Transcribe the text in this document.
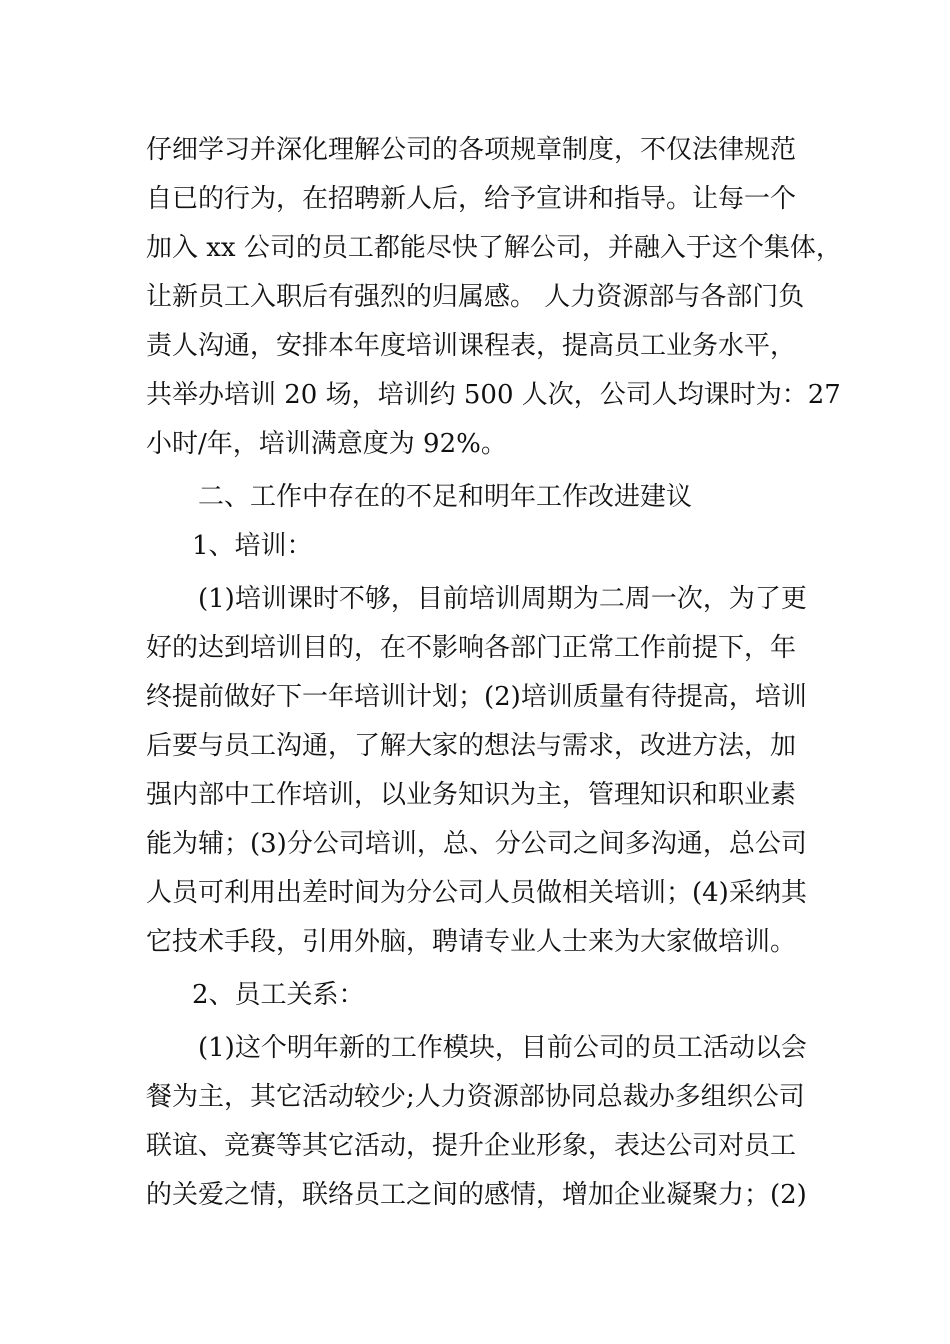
仔细学习并深化理解公司的各项规章制度，不仅法律规范
自已的行为，在招聘新人后，给予宣讲和指导。让每一个
加入 xx 公司的员工都能尽快了解公司，并融入于这个集体，
让新员工入职后有强烈的归属感。 人力资源部与各部门负
责人沟通，安排本年度培训课程表，提高员工业务水平，
共举办培训 20 场，培训约 500 人次，公司人均课时为：27
小时/年，培训满意度为 92%。
二、工作中存在的不足和明年工作改进建议
1、培训：
(1)培训课时不够，目前培训周期为二周一次，为了更
好的达到培训目的，在不影响各部门正常工作前提下，年
终提前做好下一年培训计划；(2)培训质量有待提高，培训
后要与员工沟通，了解大家的想法与需求，改进方法，加
强内部中工作培训，以业务知识为主，管理知识和职业素
能为辅；(3)分公司培训，总、分公司之间多沟通，总公司
人员可利用出差时间为分公司人员做相关培训；(4)采纳其
它技术手段，引用外脑，聘请专业人士来为大家做培训。
2、员工关系：
(1)这个明年新的工作模块，目前公司的员工活动以会
餐为主，其它活动较少;人力资源部协同总裁办多组织公司
联谊、竞赛等其它活动，提升企业形象，表达公司对员工
的关爱之情，联络员工之间的感情，增加企业凝聚力；(2)
